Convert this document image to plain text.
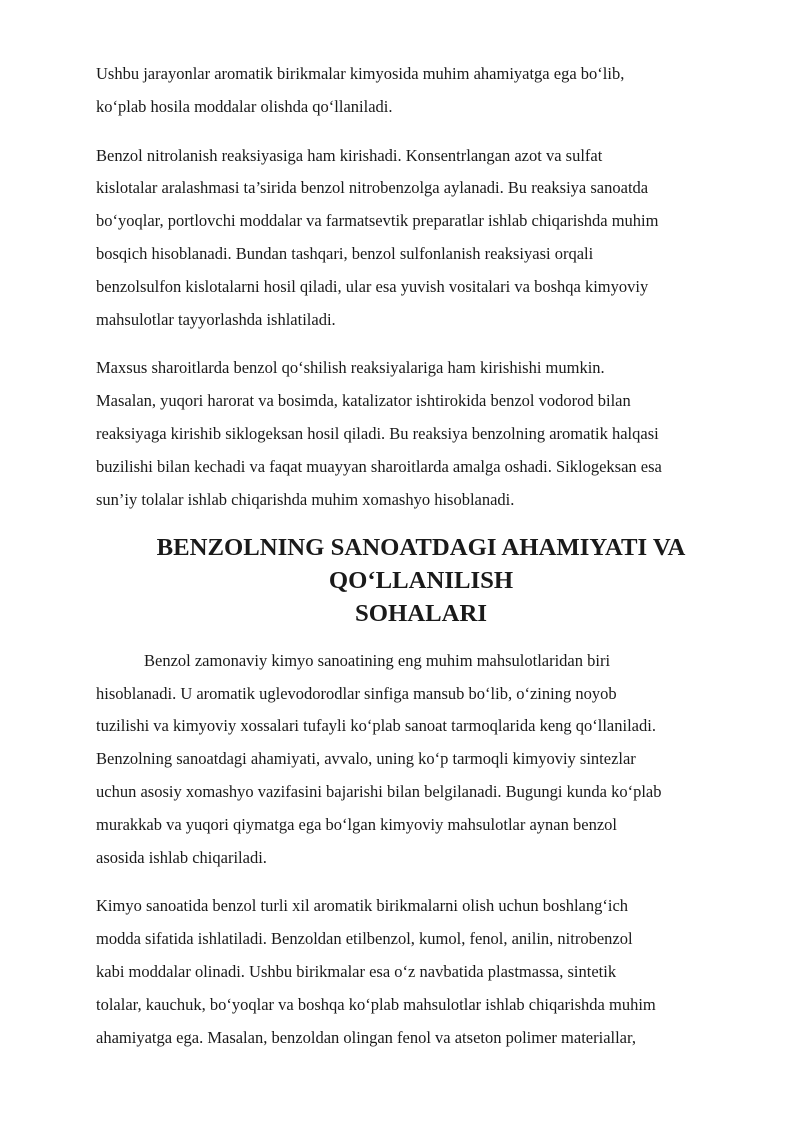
Ushbu jarayonlar aromatik birikmalar kimyosida muhim ahamiyatga ega bo‘lib,
ko‘plab hosila moddalar olishda qo‘llaniladi.

Benzol nitrolanish reaksiyasiga ham kirishadi. Konsentrlangan azot va sulfat
kislotalar aralashmasi ta’sirida benzol nitrobenzolga aylanadi. Bu reaksiya sanoatda
bo‘yoqlar, portlovchi moddalar va farmatsevtik preparatlar ishlab chiqarishda muhim
bosqich hisoblanadi. Bundan tashqari, benzol sulfonlanish reaksiyasi orqali
benzolsulfon kislotalarni hosil qiladi, ular esa yuvish vositalari va boshqa kimyoviy
mahsulotlar tayyorlashda ishlatiladi.

Maxsus sharoitlarda benzol qo‘shilish reaksiyalariga ham kirishishi mumkin.
Masalan, yuqori harorat va bosimda, katalizator ishtirokida benzol vodorod bilan
reaksiyaga kirishib siklogeksan hosil qiladi. Bu reaksiya benzolning aromatik halqasi
buzilishi bilan kechadi va faqat muayyan sharoitlarda amalga oshadi. Siklogeksan esa
sun’iy tolalar ishlab chiqarishda muhim xomashyo hisoblanadi.

BENZOLNING SANOATDAGI AHAMIYATI VA QO‘LLANILISH
SOHALARI

Benzol zamonaviy kimyo sanoatining eng muhim mahsulotlaridan biri
hisoblanadi. U aromatik uglevodorodlar sinfiga mansub bo‘lib, o‘zining noyob
tuzilishi va kimyoviy xossalari tufayli ko‘plab sanoat tarmoqlarida keng qo‘llaniladi.
Benzolning sanoatdagi ahamiyati, avvalo, uning ko‘p tarmoqli kimyoviy sintezlar
uchun asosiy xomashyo vazifasini bajarishi bilan belgilanadi. Bugungi kunda ko‘plab
murakkab va yuqori qiymatga ega bo‘lgan kimyoviy mahsulotlar aynan benzol
asosida ishlab chiqariladi.

Kimyo sanoatida benzol turli xil aromatik birikmalarni olish uchun boshlang‘ich
modda sifatida ishlatiladi. Benzoldan etilbenzol, kumol, fenol, anilin, nitrobenzol
kabi moddalar olinadi. Ushbu birikmalar esa o‘z navbatida plastmassa, sintetik
tolalar, kauchuk, bo‘yoqlar va boshqa ko‘plab mahsulotlar ishlab chiqarishda muhim
ahamiyatga ega. Masalan, benzoldan olingan fenol va atseton polimer materiallar,
